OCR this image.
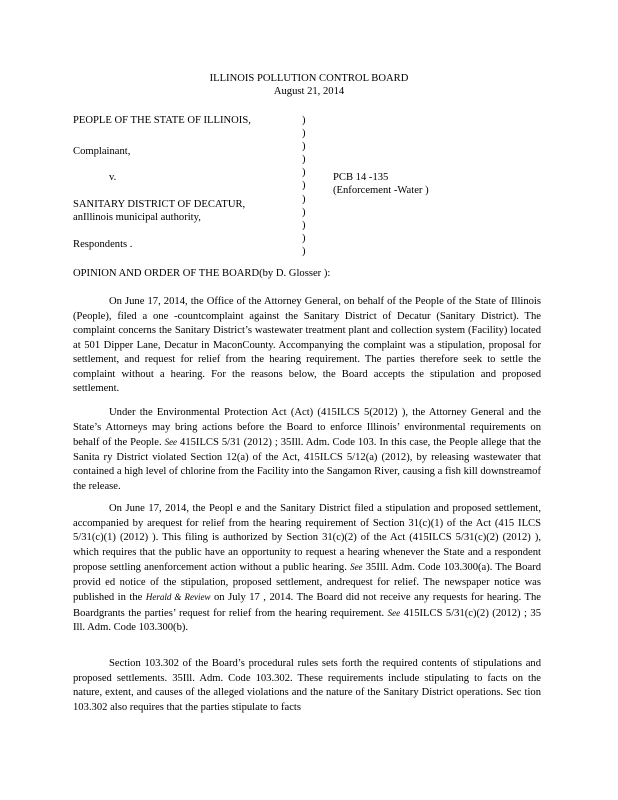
ILLINOIS POLLUTION CONTROL BOARD
August 21, 2014
PEOPLE OF THE STATE OF ILLINOIS,
Complainant,
v.	PCB 14 -135
(Enforcement -Water )
SANITARY DISTRICT OF DECATUR,
anIllinois municipal authority,
Respondents .
)
)
)
)
)
)
)
)
)
)
)
OPINION AND ORDER OF THE BOARD(by D. Glosser ):

On June 17, 2014, the Office of the Attorney General, on behalf of the People of the State of Illinois (People), filed a one -countcomplaint against the Sanitary District of Decatur (Sanitary District). The complaint concerns the Sanitary District’s wastewater treatment plant and collection system (Facility) located at 501 Dipper Lane, Decatur in MaconCounty. Accompanying the complaint was a stipulation, proposal for settlement, and request for relief from the hearing requirement. The parties therefore seek to settle the complaint without a hearing. For the reasons below, the Board accepts the stipulation and proposed settlement.

Under the Environmental Protection Act (Act) (415ILCS 5(2012) ), the Attorney General and the State’s Attorneys may bring actions before the Board to enforce Illinois’ environmental requirements on behalf of the People. See 415ILCS 5/31 (2012) ; 35Ill. Adm. Code 103. In this case, the People allege that the Sanita ry District violated Section 12(a) of the Act, 415ILCS 5/12(a) (2012), by releasing wastewater that contained a high level of chlorine from the Facility into the Sangamon River, causing a fish kill downstreamof the release.

On June 17, 2014, the Peopl e and the Sanitary District filed a stipulation and proposed settlement, accompanied by arequest for relief from the hearing requirement of Section 31(c)(1) of the Act (415 ILCS 5/31(c)(1) (2012) ). This filing is authorized by Section 31(c)(2) of the Act (415ILCS 5/31(c)(2) (2012) ), which requires that the public have an opportunity to request a hearing whenever the State and a respondent propose settling anenforcement action without a public hearing. See 35Ill. Adm. Code 103.300(a). The Board provid ed notice of the stipulation, proposed settlement, andrequest for relief. The newspaper notice was published in the Herald & Review on July 17 , 2014. The Board did not receive any requests for hearing. The Boardgrants the parties’ request for relief from the hearing requirement. See 415ILCS 5/31(c)(2) (2012) ; 35 Ill. Adm. Code 103.300(b).

Section 103.302 of the Board’s procedural rules sets forth the required contents of stipulations and proposed settlements. 35Ill. Adm. Code 103.302. These requirements include stipulating to facts on the nature, extent, and causes of the alleged violations and the nature of the Sanitary District operations. Sec tion 103.302 also requires that the parties stipulate to facts
